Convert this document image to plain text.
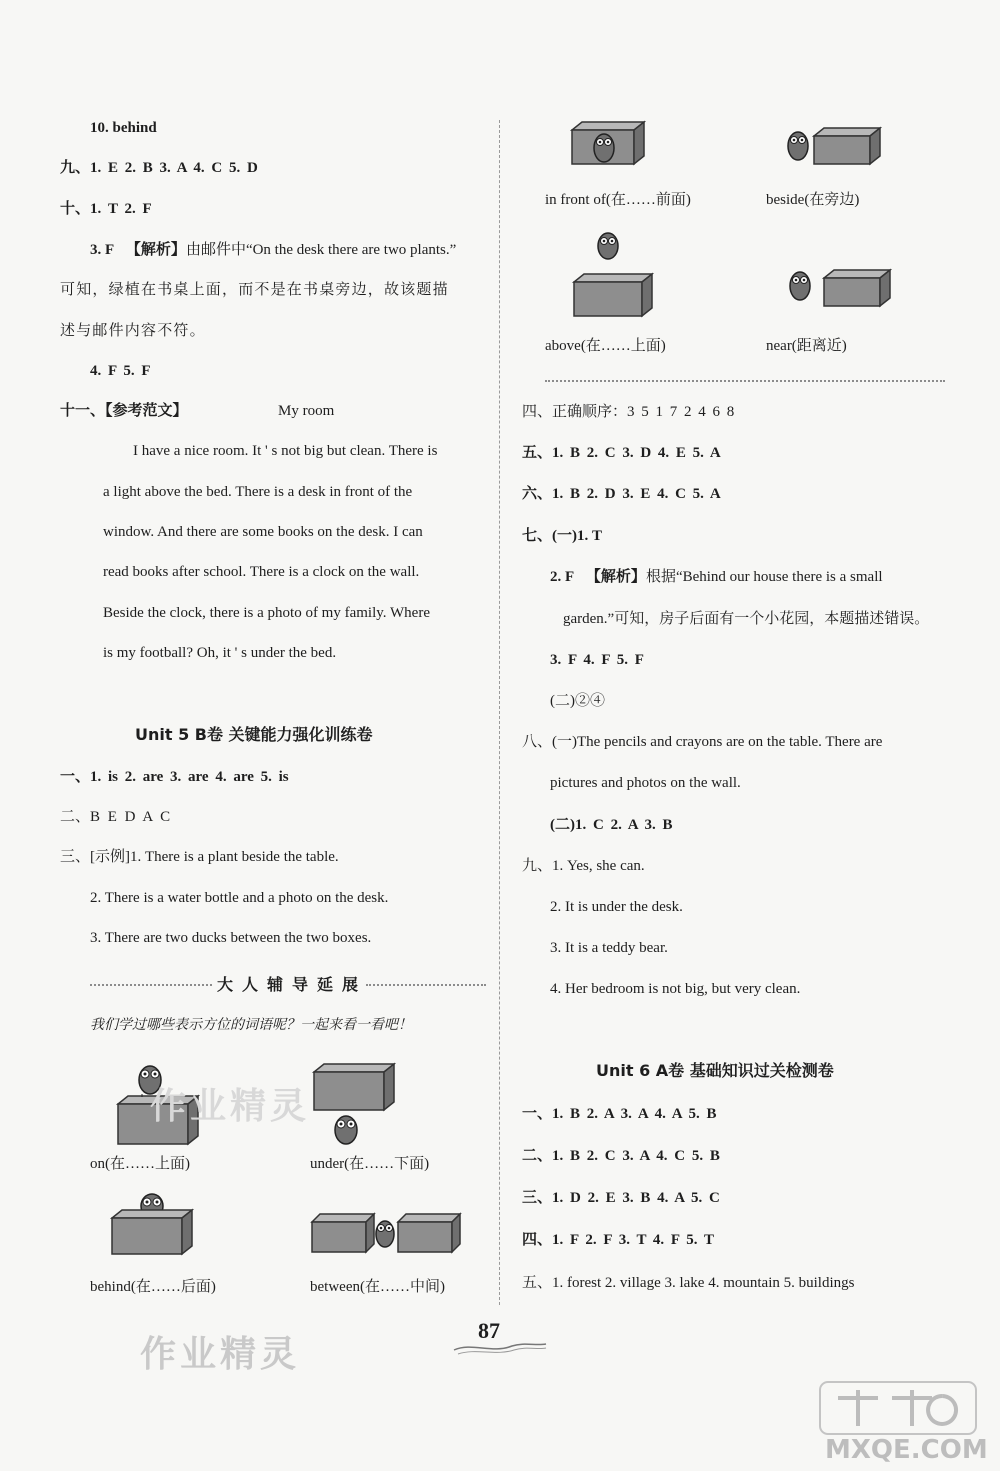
10. behind
九、1. E 2. B 3. A 4. C 5. D
十、1. T 2. F
3. F 【解析】由邮件中“On the desk there are two plants.”
可知，绿植在书桌上面，而不是在书桌旁边，故该题描
述与邮件内容不符。
4. F 5. F
十一、【参考范文】	My room
I have a nice room. It ' s not big but clean. There is
a light above the bed. There is a desk in front of the
window. And there are some books on the desk. I can
read books after school. There is a clock on the wall.
Beside the clock, there is a photo of my family. Where
is my football? Oh, it ' s under the bed.
Unit 5 B卷 关键能力强化训练卷
一、1. is 2. are 3. are 4. are 5. is
二、B E D A C
三、[示例]1. There is a plant beside the table.
2. There is a water bottle and a photo on the desk.
3. There are two ducks between the two boxes.
大人辅导延展
我们学过哪些表示方位的词语呢？一起来看一看吧！
on(在……上面)	under(在……下面)
behind(在……后面)	between(在……中间)
in front of(在……前面)	beside(在旁边)
above(在……上面)	near(距离近)
四、正确顺序：3 5 1 7 2 4 6 8
五、1. B 2. C 3. D 4. E 5. A
六、1. B 2. D 3. E 4. C 5. A
七、(一)1. T
2. F 【解析】根据“Behind our house there is a small
garden.”可知，房子后面有一个小花园，本题描述错误。
3. F 4. F 5. F
(二)②④
八、(一)The pencils and crayons are on the table. There are
pictures and photos on the wall.
(二)1. C 2. A 3. B
九、1. Yes, she can.
2. It is under the desk.
3. It is a teddy bear.
4. Her bedroom is not big, but very clean.
Unit 6 A卷 基础知识过关检测卷
一、1. B 2. A 3. A 4. A 5. B
二、1. B 2. C 3. A 4. C 5. B
三、1. D 2. E 3. B 4. A 5. C
四、1. F 2. F 3. T 4. F 5. T
五、1. forest 2. village 3. lake 4. mountain 5. buildings
87
作业精灵
作业精灵
MXQE.COM
